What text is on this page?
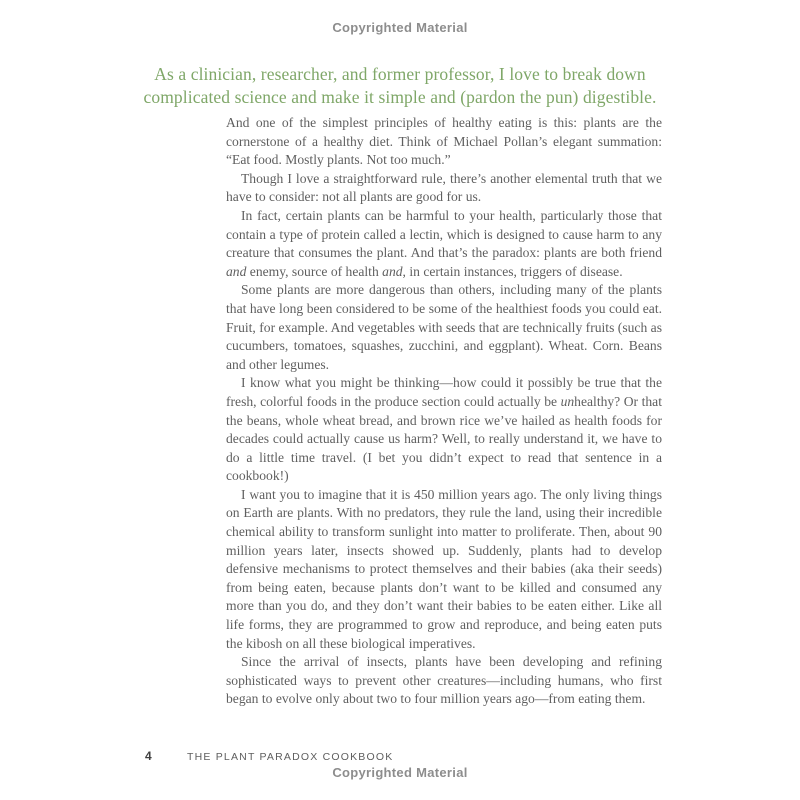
Copyrighted Material
As a clinician, researcher, and former professor, I love to break down
complicated science and make it simple and (pardon the pun) digestible.

And one of the simplest principles of healthy eating is this: plants are the cornerstone of a healthy diet. Think of Michael Pollan’s elegant summation: “Eat food. Mostly plants. Not too much.”

Though I love a straightforward rule, there’s another elemental truth that we have to consider: not all plants are good for us.

In fact, certain plants can be harmful to your health, particularly those that contain a type of protein called a lectin, which is designed to cause harm to any creature that consumes the plant. And that’s the paradox: plants are both friend and enemy, source of health and, in certain instances, triggers of disease.

Some plants are more dangerous than others, including many of the plants that have long been considered to be some of the healthiest foods you could eat. Fruit, for example. And vegetables with seeds that are technically fruits (such as cucumbers, tomatoes, squashes, zucchini, and eggplant). Wheat. Corn. Beans and other legumes.

I know what you might be thinking—how could it possibly be true that the fresh, colorful foods in the produce section could actually be unhealthy? Or that the beans, whole wheat bread, and brown rice we’ve hailed as health foods for decades could actually cause us harm? Well, to really understand it, we have to do a little time travel. (I bet you didn’t expect to read that sentence in a cookbook!)

I want you to imagine that it is 450 million years ago. The only living things on Earth are plants. With no predators, they rule the land, using their incredible chemical ability to transform sunlight into matter to proliferate. Then, about 90 million years later, insects showed up. Suddenly, plants had to develop defensive mechanisms to protect themselves and their babies (aka their seeds) from being eaten, because plants don’t want to be killed and consumed any more than you do, and they don’t want their babies to be eaten either. Like all life forms, they are programmed to grow and reproduce, and being eaten puts the kibosh on all these biological imperatives.

Since the arrival of insects, plants have been developing and refining sophisticated ways to prevent other creatures—including humans, who first began to evolve only about two to four million years ago—from eating them.

4	THE PLANT PARADOX COOKBOOK
Copyrighted Material
